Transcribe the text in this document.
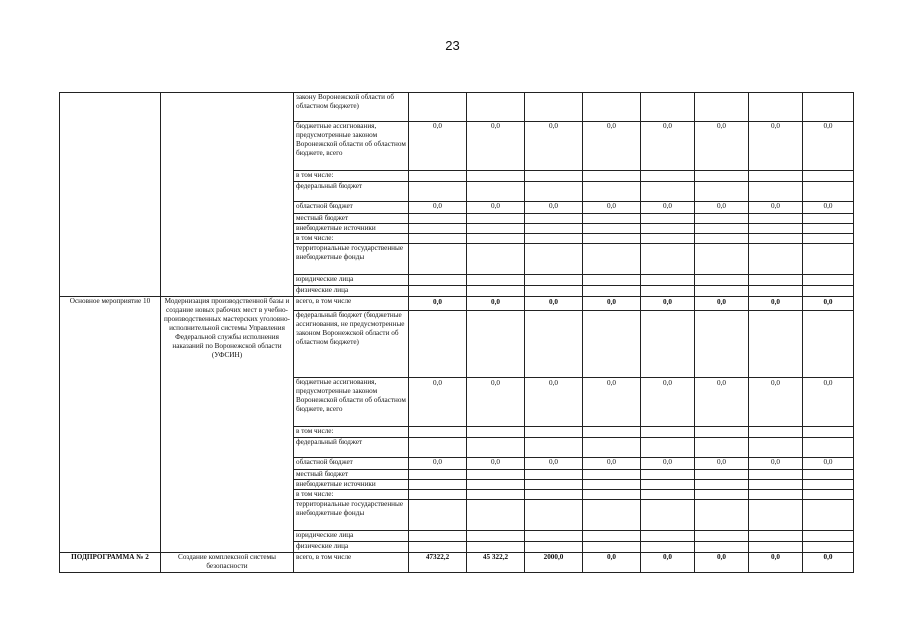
23
		закону Воронежской области об областном бюджете)								
		бюджетные ассигнования, предусмотренные законом Воронежской области об областном бюджете, всего	0,0	0,0	0,0	0,0	0,0	0,0	0,0	0,0
		в том числе:								
		федеральный бюджет								
		областной бюджет	0,0	0,0	0,0	0,0	0,0	0,0	0,0	0,0
		местный бюджет								
		внебюджетные источники								
		в том числе:								
		территориальные государственные внебюджетные фонды								
		юридические лица								
		физические лица								
Основное мероприятие 10	Модернизация производственной базы и создание новых рабочих мест в учебно-производственных мастерских уголовно-исполнительной системы Управления Федеральной службы исполнения наказаний по Воронежской области (УФСИН)	всего, в том числе	0,0	0,0	0,0	0,0	0,0	0,0	0,0	0,0
		федеральный бюджет (бюджетные ассигнования, не предусмотренные законом Воронежской области об областном бюджете)								
		бюджетные ассигнования, предусмотренные законом Воронежской области об областном бюджете, всего	0,0	0,0	0,0	0,0	0,0	0,0	0,0	0,0
		в том числе:								
		федеральный бюджет								
		областной бюджет	0,0	0,0	0,0	0,0	0,0	0,0	0,0	0,0
		местный бюджет								
		внебюджетные источники								
		в том числе:								
		территориальные государственные внебюджетные фонды								
		юридические лица								
		физические лица								
ПОДПРОГРАММА № 2	Создание комплексной системы безопасности	всего, в том числе	47322,2	45 322,2	2000,0	0,0	0,0	0,0	0,0	0,0
